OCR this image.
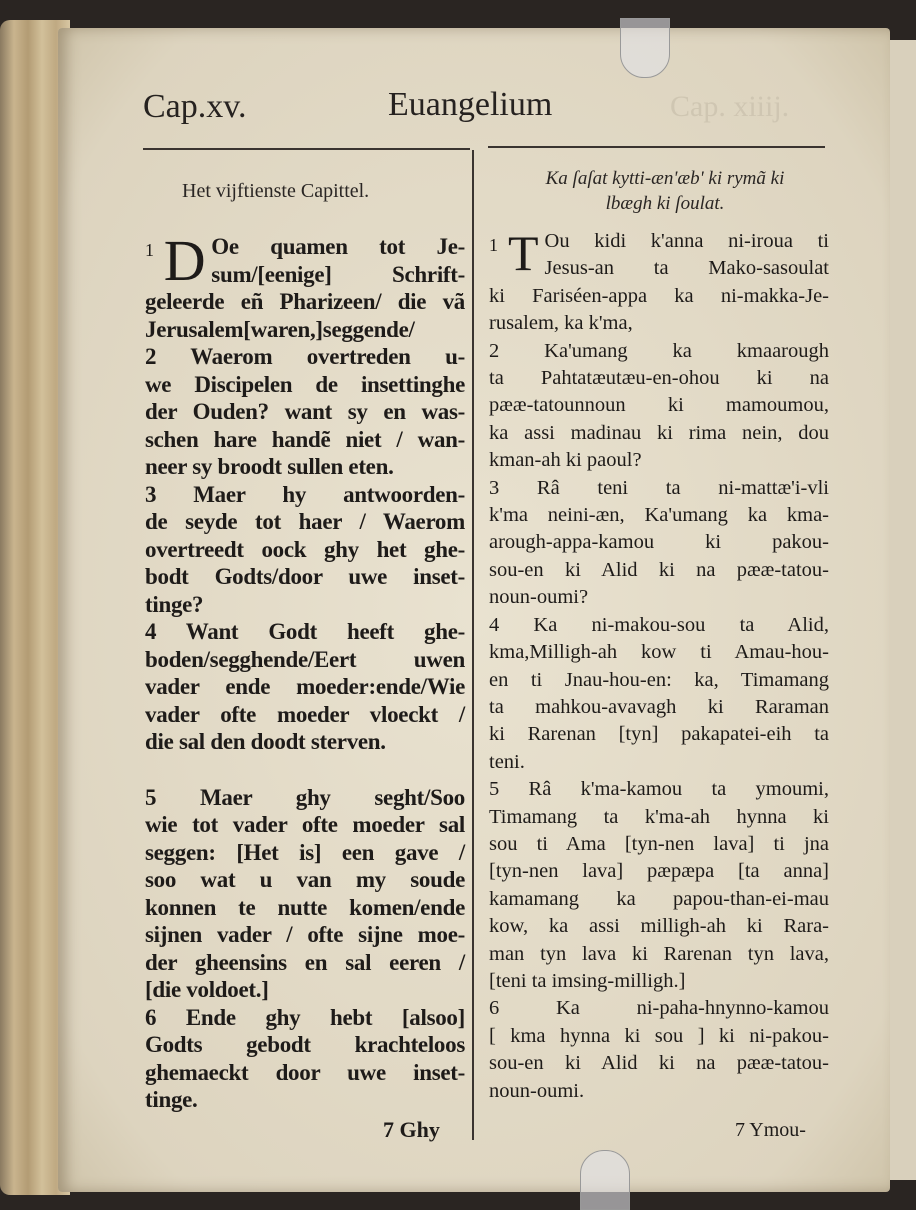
Cap. xiiij.
Cap.xv.	Euangelium
Het vijftienste Capittel.
Ka ſaſat kytti-æn'æb' ki rymã ki
lbægh ki ſoulat.
1 D Oe quamen tot Je-
sum/[eenige] Schrift-
geleerde eñ Pharizeen/ die vã
Jerusalem[waren,]seggende/
2 Waerom overtreden u-
we Discipelen de insettinghe
der Ouden? want sy en was-
schen hare handẽ niet / wan-
neer sy broodt sullen eten.
3 Maer hy antwoorden-
de seyde tot haer / Waerom
overtreedt oock ghy het ghe-
bodt Godts/door uwe inset-
tinge?
4 Want Godt heeft ghe-
boden/segghende/Eert uwen
vader ende moeder:ende/Wie
vader ofte moeder vloeckt /
die sal den doodt sterven.
5 Maer ghy seght/Soo
wie tot vader ofte moeder sal
seggen: [Het is] een gave /
soo wat u van my soude
konnen te nutte komen/ende
sijnen vader / ofte sijne moe-
der gheensins en sal eeren /
[die voldoet.]
6 Ende ghy hebt [alsoo]
Godts gebodt krachteloos
ghemaeckt door uwe inset-
tinge.
7 Ghy
1 T Ou kidi k'anna ni-iroua ti
Jesus-an ta Mako-sasoulat
ki Fariséen-appa ka ni-makka-Je-
rusalem, ka k'ma,
2 Ka'umang ka kmaarough
ta Pahtatæutæu-en-ohou ki na
pææ-tatounnoun ki mamoumou,
ka assi madinau ki rima nein, dou
kman-ah ki paoul?
3 Râ teni ta ni-mattæ'i-vli
k'ma neini-æn, Ka'umang ka kma-
arough-appa-kamou ki pakou-
sou-en ki Alid ki na pææ-tatou-
noun-oumi?
4 Ka ni-makou-sou ta Alid,
kma,Milligh-ah kow ti Amau-hou-
en ti Jnau-hou-en: ka, Timamang
ta mahkou-avavagh ki Raraman
ki Rarenan [tyn] pakapatei-eih ta
teni.
5 Râ k'ma-kamou ta ymoumi,
Timamang ta k'ma-ah hynna ki
sou ti Ama [tyn-nen lava] ti jna
[tyn-nen lava] pæpæpa [ta anna]
kamamang ka papou-than-ei-mau
kow, ka assi milligh-ah ki Rara-
man tyn lava ki Rarenan tyn lava,
[teni ta imsing-milligh.]
6 Ka ni-paha-hnynno-kamou
[ kma hynna ki sou ] ki ni-pakou-
sou-en ki Alid ki na pææ-tatou-
noun-oumi.
7 Ymou-
